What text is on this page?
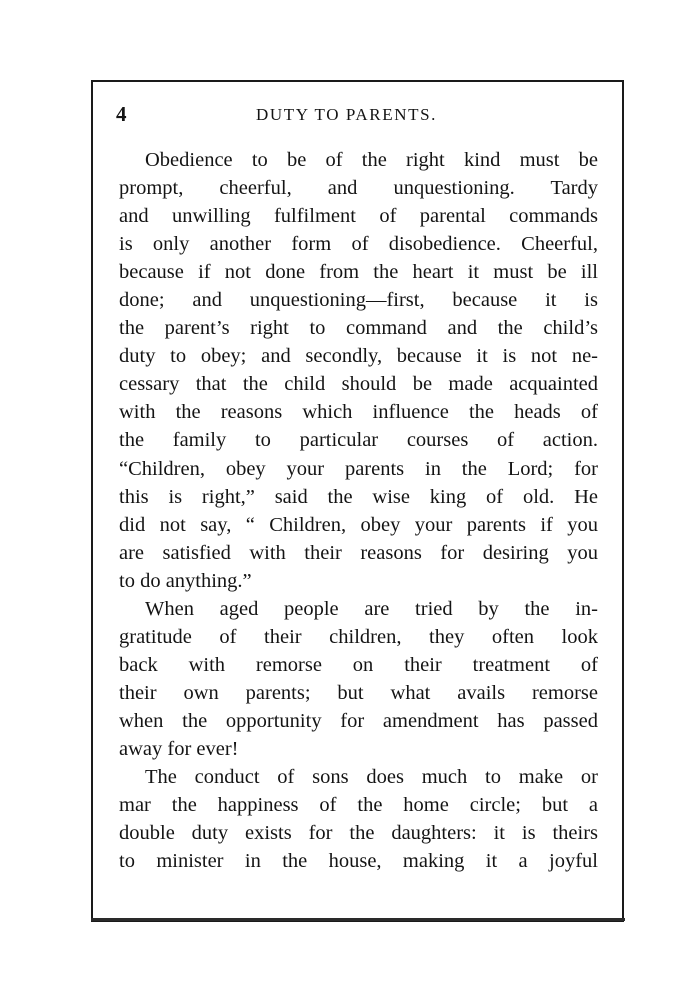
4	DUTY TO PARENTS.
Obedience to be of the right kind must be
prompt, cheerful, and unquestioning. Tardy
and unwilling fulfilment of parental commands
is only another form of disobedience. Cheerful,
because if not done from the heart it must be ill
done; and unquestioning—first, because it is
the parent’s right to command and the child’s
duty to obey; and secondly, because it is not ne-
cessary that the child should be made acquainted
with the reasons which influence the heads of
the family to particular courses of action.
“Children, obey your parents in the Lord; for
this is right,” said the wise king of old. He
did not say, “ Children, obey your parents if you
are satisfied with their reasons for desiring you
to do anything.”
When aged people are tried by the in-
gratitude of their children, they often look
back with remorse on their treatment of
their own parents; but what avails remorse
when the opportunity for amendment has passed
away for ever!
The conduct of sons does much to make or
mar the happiness of the home circle; but a
double duty exists for the daughters: it is theirs
to minister in the house, making it a joyful
